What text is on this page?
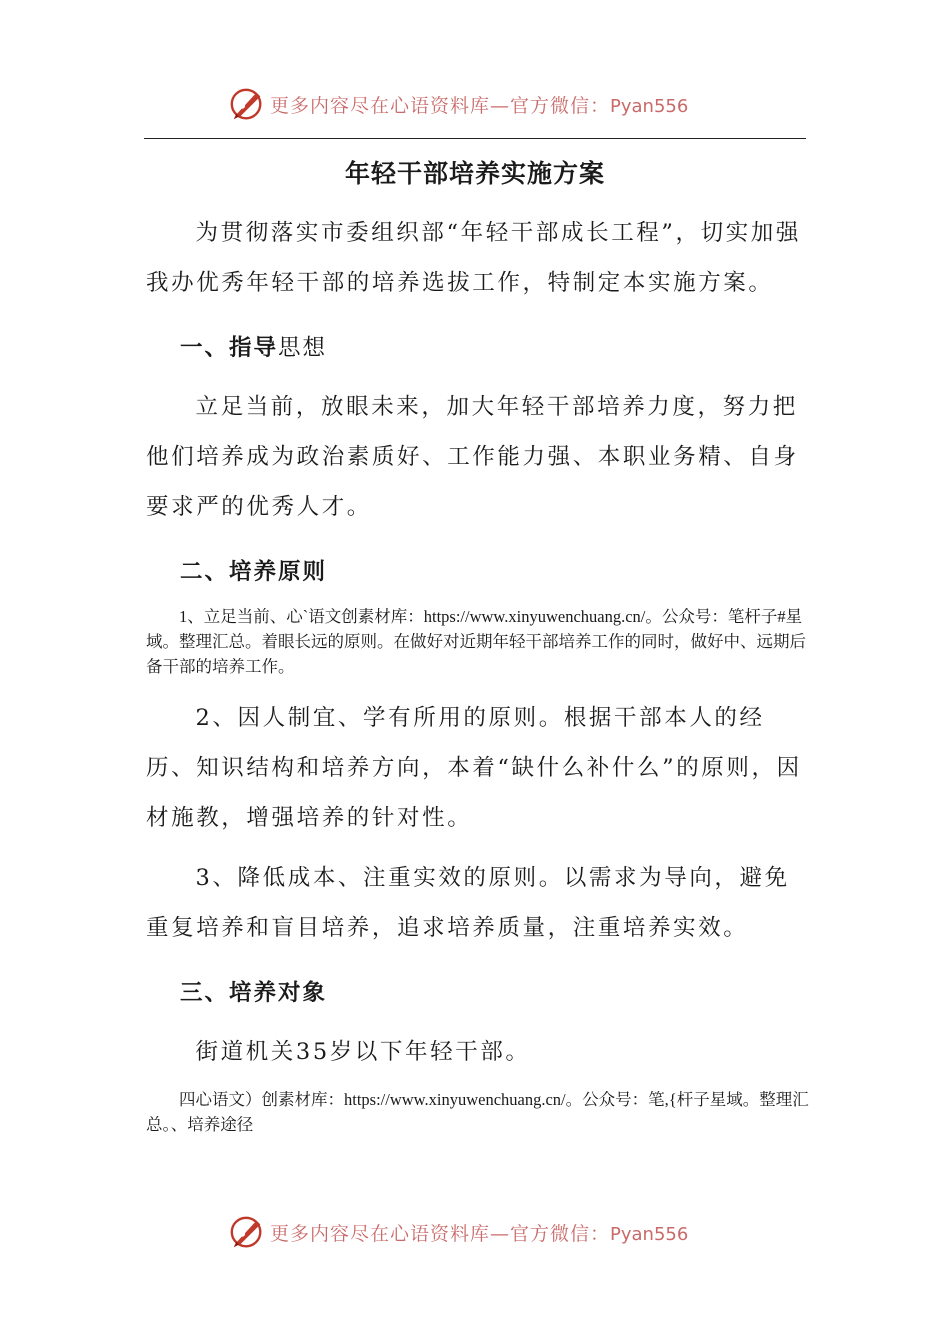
更多内容尽在心语资料库—官方微信：Pyan556
年轻干部培养实施方案

为贯彻落实市委组织部“年轻干部成长工程”，切实加强我办优秀年轻干部的培养选拔工作，特制定本实施方案。

一、指导思想

立足当前，放眼未来，加大年轻干部培养力度，努力把他们培养成为政治素质好、工作能力强、本职业务精、自身要求严的优秀人才。

二、培养原则

1、立足当前、心`语文创素材库：https://www.xinyuwenchuang.cn/。公众号：笔杆子#星域。整理汇总。着眼长远的原则。在做好对近期年轻干部培养工作的同时，做好中、远期后备干部的培养工作。

2、因人制宜、学有所用的原则。根据干部本人的经历、知识结构和培养方向，本着“缺什么补什么”的原则，因材施教，增强培养的针对性。

3、降低成本、注重实效的原则。以需求为导向，避免重复培养和盲目培养，追求培养质量，注重培养实效。

三、培养对象

街道机关35岁以下年轻干部。

四心语文）创素材库：https://www.xinyuwenchuang.cn/。公众号：笔,{杆子星域。整理汇总。、培养途径

更多内容尽在心语资料库—官方微信：Pyan556
